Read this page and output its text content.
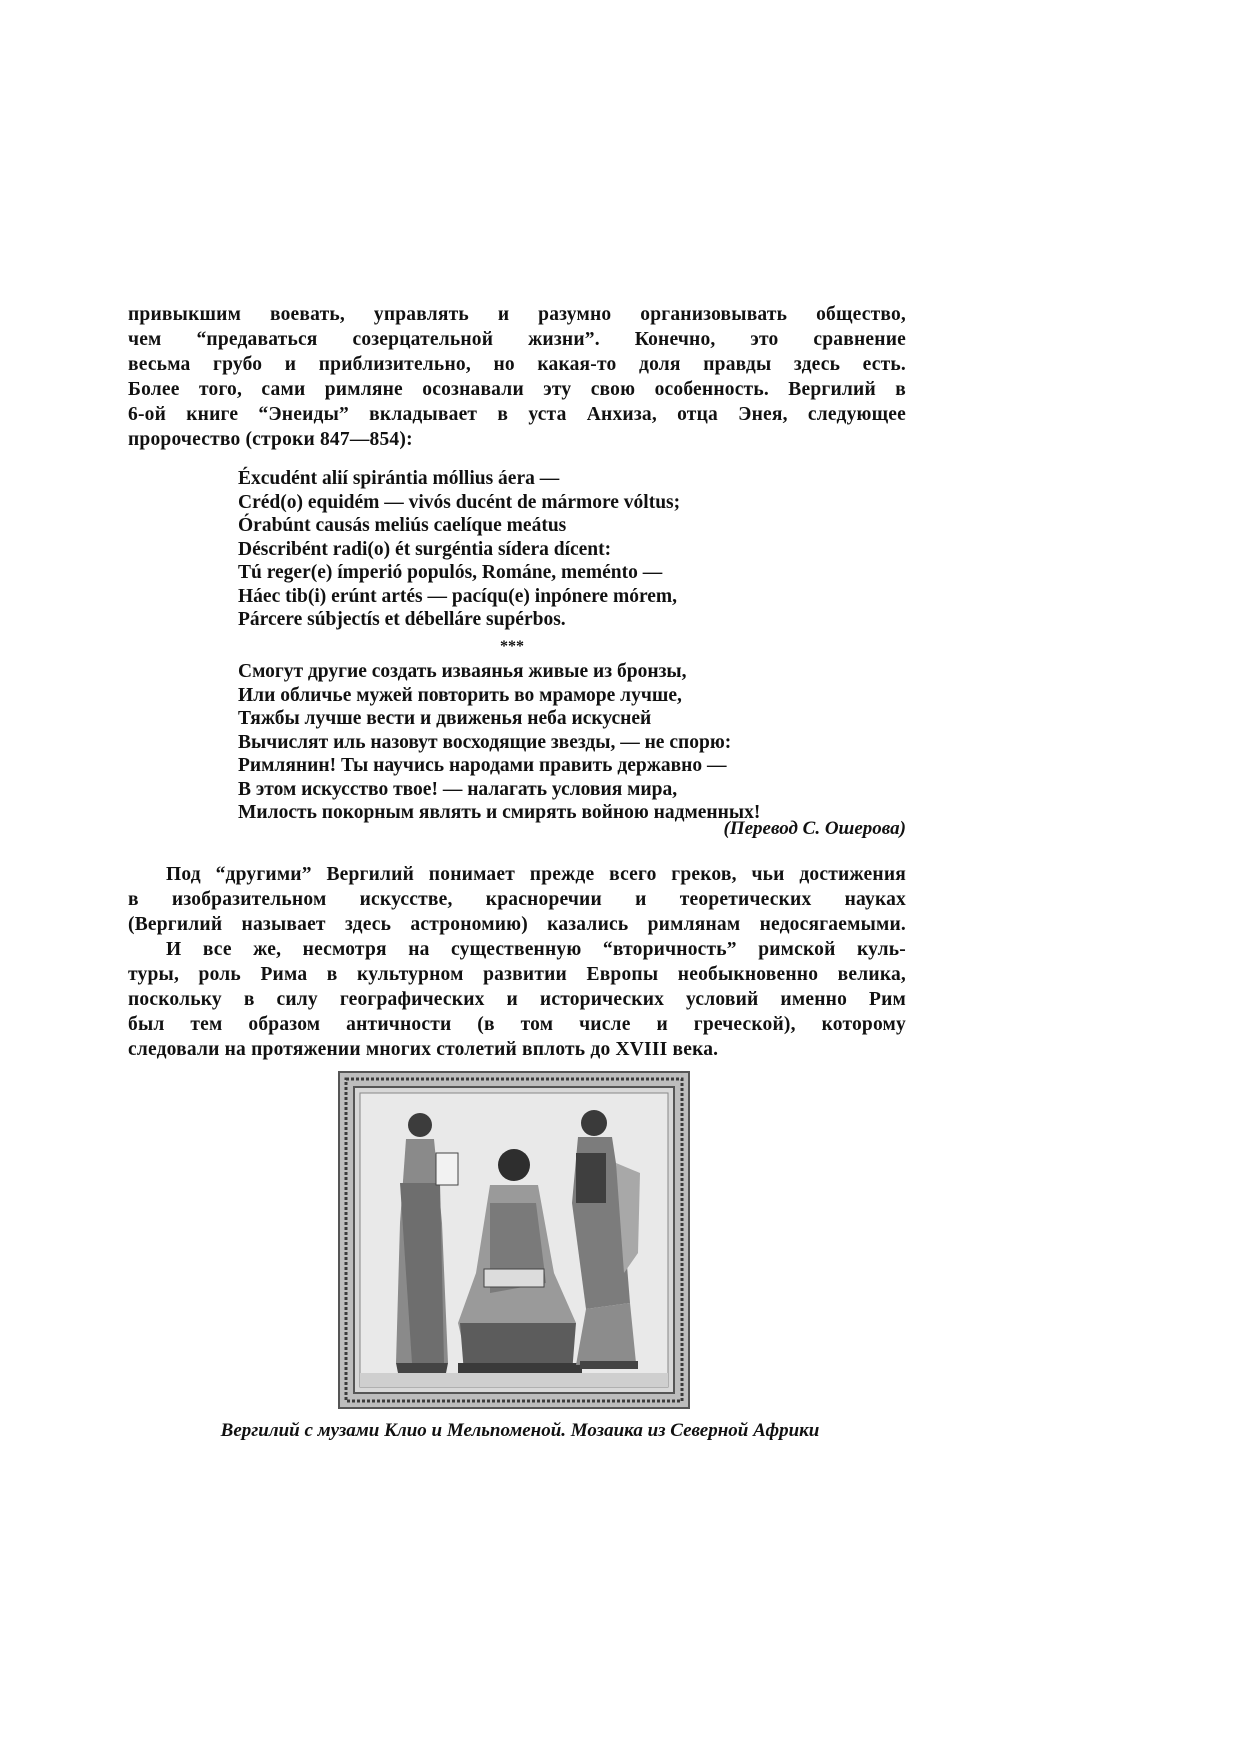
привыкшим воевать, управлять и разумно организовывать общество,
чем “предаваться созерцательной жизни”. Конечно, это сравнение
весьма грубо и приблизительно, но какая-то доля правды здесь есть.
Более того, сами римляне осознавали эту свою особенность. Вергилий в
6-ой книге “Энеиды” вкладывает в уста Анхиза, отца Энея, следующее
пророчество (строки 847—854):
Éxcudént alií spirántia móllius áera —
Créd(o) equidém — vivós ducént de mármore vóltus;
Órabúnt causás meliús caelíque meátus
Déscribént radi(o) ét surgéntia sídera dícent:
Tú reger(e) ímperió populós, Románe, meménto —
Háec tib(i) erúnt artés — pacíqu(e) inpónere mórem,
Párcere súbjectís et débelláre supérbos.
***
Смогут другие создать изваянья живые из бронзы,
Или обличье мужей повторить во мраморе лучше,
Тяжбы лучше вести и движенья неба искусней
Вычислят иль назовут восходящие звезды, — не спорю:
Римлянин! Ты научись народами править державно —
В этом искусство твое! — налагать условия мира,
Милость покорным являть и смирять войною надменных!
(Перевод С. Ошерова)
Под “другими” Вергилий понимает прежде всего греков, чьи достижения
в изобразительном искусстве, красноречии и теоретических науках
(Вергилий называет здесь астрономию) казались римлянам недосягаемыми.
И все же, несмотря на существенную “вторичность” римской куль-
туры, роль Рима в культурном развитии Европы необыкновенно велика,
поскольку в силу географических и исторических условий именно Рим
был тем образом античности (в том числе и греческой), которому
следовали на протяжении многих столетий вплоть до XVIII века.
Вергилий с музами Клио и Мельпоменой. Мозаика из Северной Африки
